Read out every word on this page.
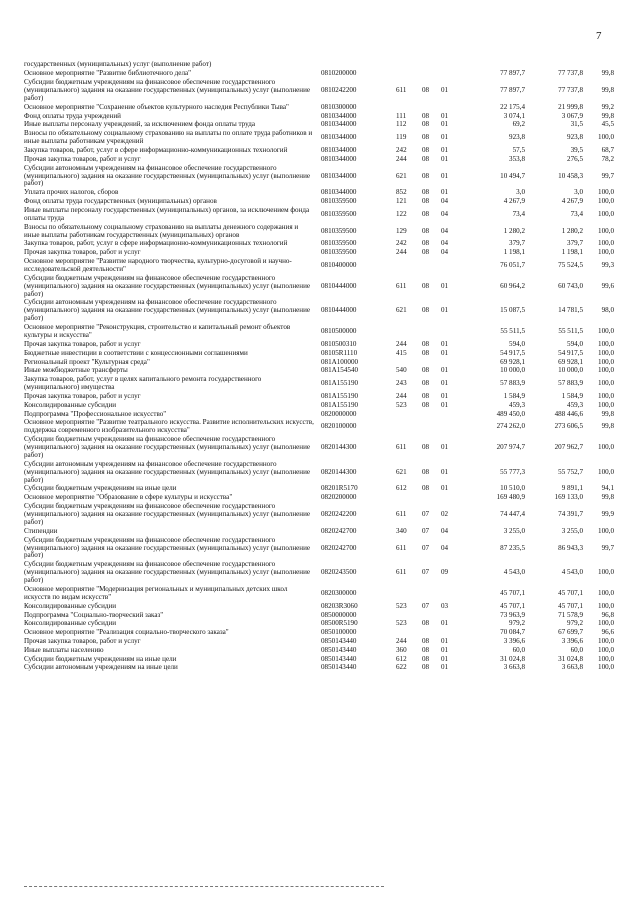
7
государственных (муниципальных) услуг (выполнение работ)							
Основное мероприятие "Развитие библиотечного дела"	0810200000				77 897,7	77 737,8	99,8
Субсидии бюджетным учреждениям на финансовое обеспечение государственного (муниципального) задания на оказание государственных (муниципальных) услуг (выполнение работ)	0810242200	611	08	01	77 897,7	77 737,8	99,8
Основное мероприятие "Сохранение объектов культурного наследия Республики Тыва"	0810300000				22 175,4	21 999,8	99,2
Фонд оплаты труда учреждений	0810344000	111	08	01	3 074,1	3 067,9	99,8
Иные выплаты персоналу учреждений, за исключением фонда оплаты труда	0810344000	112	08	01	69,2	31,5	45,5
Взносы по обязательному социальному страхованию на выплаты по оплате труда работников и иные выплаты работникам учреждений	0810344000	119	08	01	923,8	923,8	100,0
Закупка товаров, работ, услуг в сфере информационно-коммуникационных технологий	0810344000	242	08	01	57,5	39,5	68,7
Прочая закупка товаров, работ и услуг	0810344000	244	08	01	353,8	276,5	78,2
Субсидии автономным учреждениям на финансовое обеспечение государственного (муниципального) задания на оказание государственных (муниципальных) услуг (выполнение работ)	0810344000	621	08	01	10 494,7	10 458,3	99,7
Уплата прочих налогов, сборов	0810344000	852	08	01	3,0	3,0	100,0
Фонд оплаты труда государственных (муниципальных) органов	0810359500	121	08	04	4 267,9	4 267,9	100,0
Иные выплаты персоналу государственных (муниципальных) органов, за исключением фонда оплаты труда	0810359500	122	08	04	73,4	73,4	100,0
Взносы по обязательному социальному страхованию на выплаты денежного содержания и иные выплаты работникам государственных (муниципальных) органов	0810359500	129	08	04	1 280,2	1 280,2	100,0
Закупка товаров, работ, услуг в сфере информационно-коммуникационных технологий	0810359500	242	08	04	379,7	379,7	100,0
Прочая закупка товаров, работ и услуг	0810359500	244	08	04	1 198,1	1 198,1	100,0
Основное мероприятие "Развитие народного творчества, культурно-досуговой и научно-исследовательской деятельности"	0810400000				76 051,7	75 524,5	99,3
Субсидии бюджетным учреждениям на финансовое обеспечение государственного (муниципального) задания на оказание государственных (муниципальных) услуг (выполнение работ)	0810444000	611	08	01	60 964,2	60 743,0	99,6
Субсидии автономным учреждениям на финансовое обеспечение государственного (муниципального) задания на оказание государственных (муниципальных) услуг (выполнение работ)	0810444000	621	08	01	15 087,5	14 781,5	98,0
Основное мероприятие "Реконструкция, строительство и капитальный ремонт объектов культуры и искусства"	0810500000				55 511,5	55 511,5	100,0
Прочая закупка товаров, работ и услуг	0810500310	244	08	01	594,0	594,0	100,0
Бюджетные инвестиции в соответствии с концессионными соглашениями	08105R1110	415	08	01	54 917,5	54 917,5	100,0
Региональный проект "Культурная среда"	081A100000				69 928,1	69 928,1	100,0
Иные межбюджетные трансферты	081A154540	540	08	01	10 000,0	10 000,0	100,0
Закупка товаров, работ, услуг в целях капитального ремонта государственного (муниципального) имущества	081A155190	243	08	01	57 883,9	57 883,9	100,0
Прочая закупка товаров, работ и услуг	081A155190	244	08	01	1 584,9	1 584,9	100,0
Консолидированные субсидии	081A155190	523	08	01	459,3	459,3	100,0
Подпрограмма "Профессиональное искусство"	0820000000				489 450,0	488 446,6	99,8
Основное мероприятие "Развитие театрального искусства. Развитие исполнительских искусств, поддержка современного изобразительного искусства"	0820100000				274 262,0	273 606,5	99,8
Субсидии бюджетным учреждениям на финансовое обеспечение государственного (муниципального) задания на оказание государственных (муниципальных) услуг (выполнение работ)	0820144300	611	08	01	207 974,7	207 962,7	100,0
Субсидии автономным учреждениям на финансовое обеспечение государственного (муниципального) задания на оказание государственных (муниципальных) услуг (выполнение работ)	0820144300	621	08	01	55 777,3	55 752,7	100,0
Субсидии бюджетным учреждениям на иные цели	08201R5170	612	08	01	10 510,0	9 891,1	94,1
Основное мероприятие "Образование в сфере культуры и искусства"	0820200000				169 480,9	169 133,0	99,8
Субсидии бюджетным учреждениям на финансовое обеспечение государственного (муниципального) задания на оказание государственных (муниципальных) услуг (выполнение работ)	0820242200	611	07	02	74 447,4	74 391,7	99,9
Стипендии	0820242700	340	07	04	3 255,0	3 255,0	100,0
Субсидии бюджетным учреждениям на финансовое обеспечение государственного (муниципального) задания на оказание государственных (муниципальных) услуг (выполнение работ)	0820242700	611	07	04	87 235,5	86 943,3	99,7
Субсидии бюджетным учреждениям на финансовое обеспечение государственного (муниципального) задания на оказание государственных (муниципальных) услуг (выполнение работ)	0820243500	611	07	09	4 543,0	4 543,0	100,0
Основное мероприятие "Модернизация региональных и муниципальных детских школ искусств по видам искусств"	0820300000				45 707,1	45 707,1	100,0
Консолидированные субсидии	08203R3060	523	07	03	45 707,1	45 707,1	100,0
Подпрограмма "Социально-творческий заказ"	0850000000				73 963,9	71 578,9	96,8
Консолидированные субсидии	08500R5190	523	08	01	979,2	979,2	100,0
Основное мероприятие "Реализация социально-творческого заказа"	0850100000				70 084,7	67 699,7	96,6
Прочая закупка товаров, работ и услуг	0850143440	244	08	01	3 396,6	3 396,6	100,0
Иные выплаты населению	0850143440	360	08	01	60,0	60,0	100,0
Субсидии бюджетным учреждениям на иные цели	0850143440	612	08	01	31 024,8	31 024,8	100,0
Субсидии автономным учреждениям на иные цели	0850143440	622	08	01	3 663,8	3 663,8	100,0
